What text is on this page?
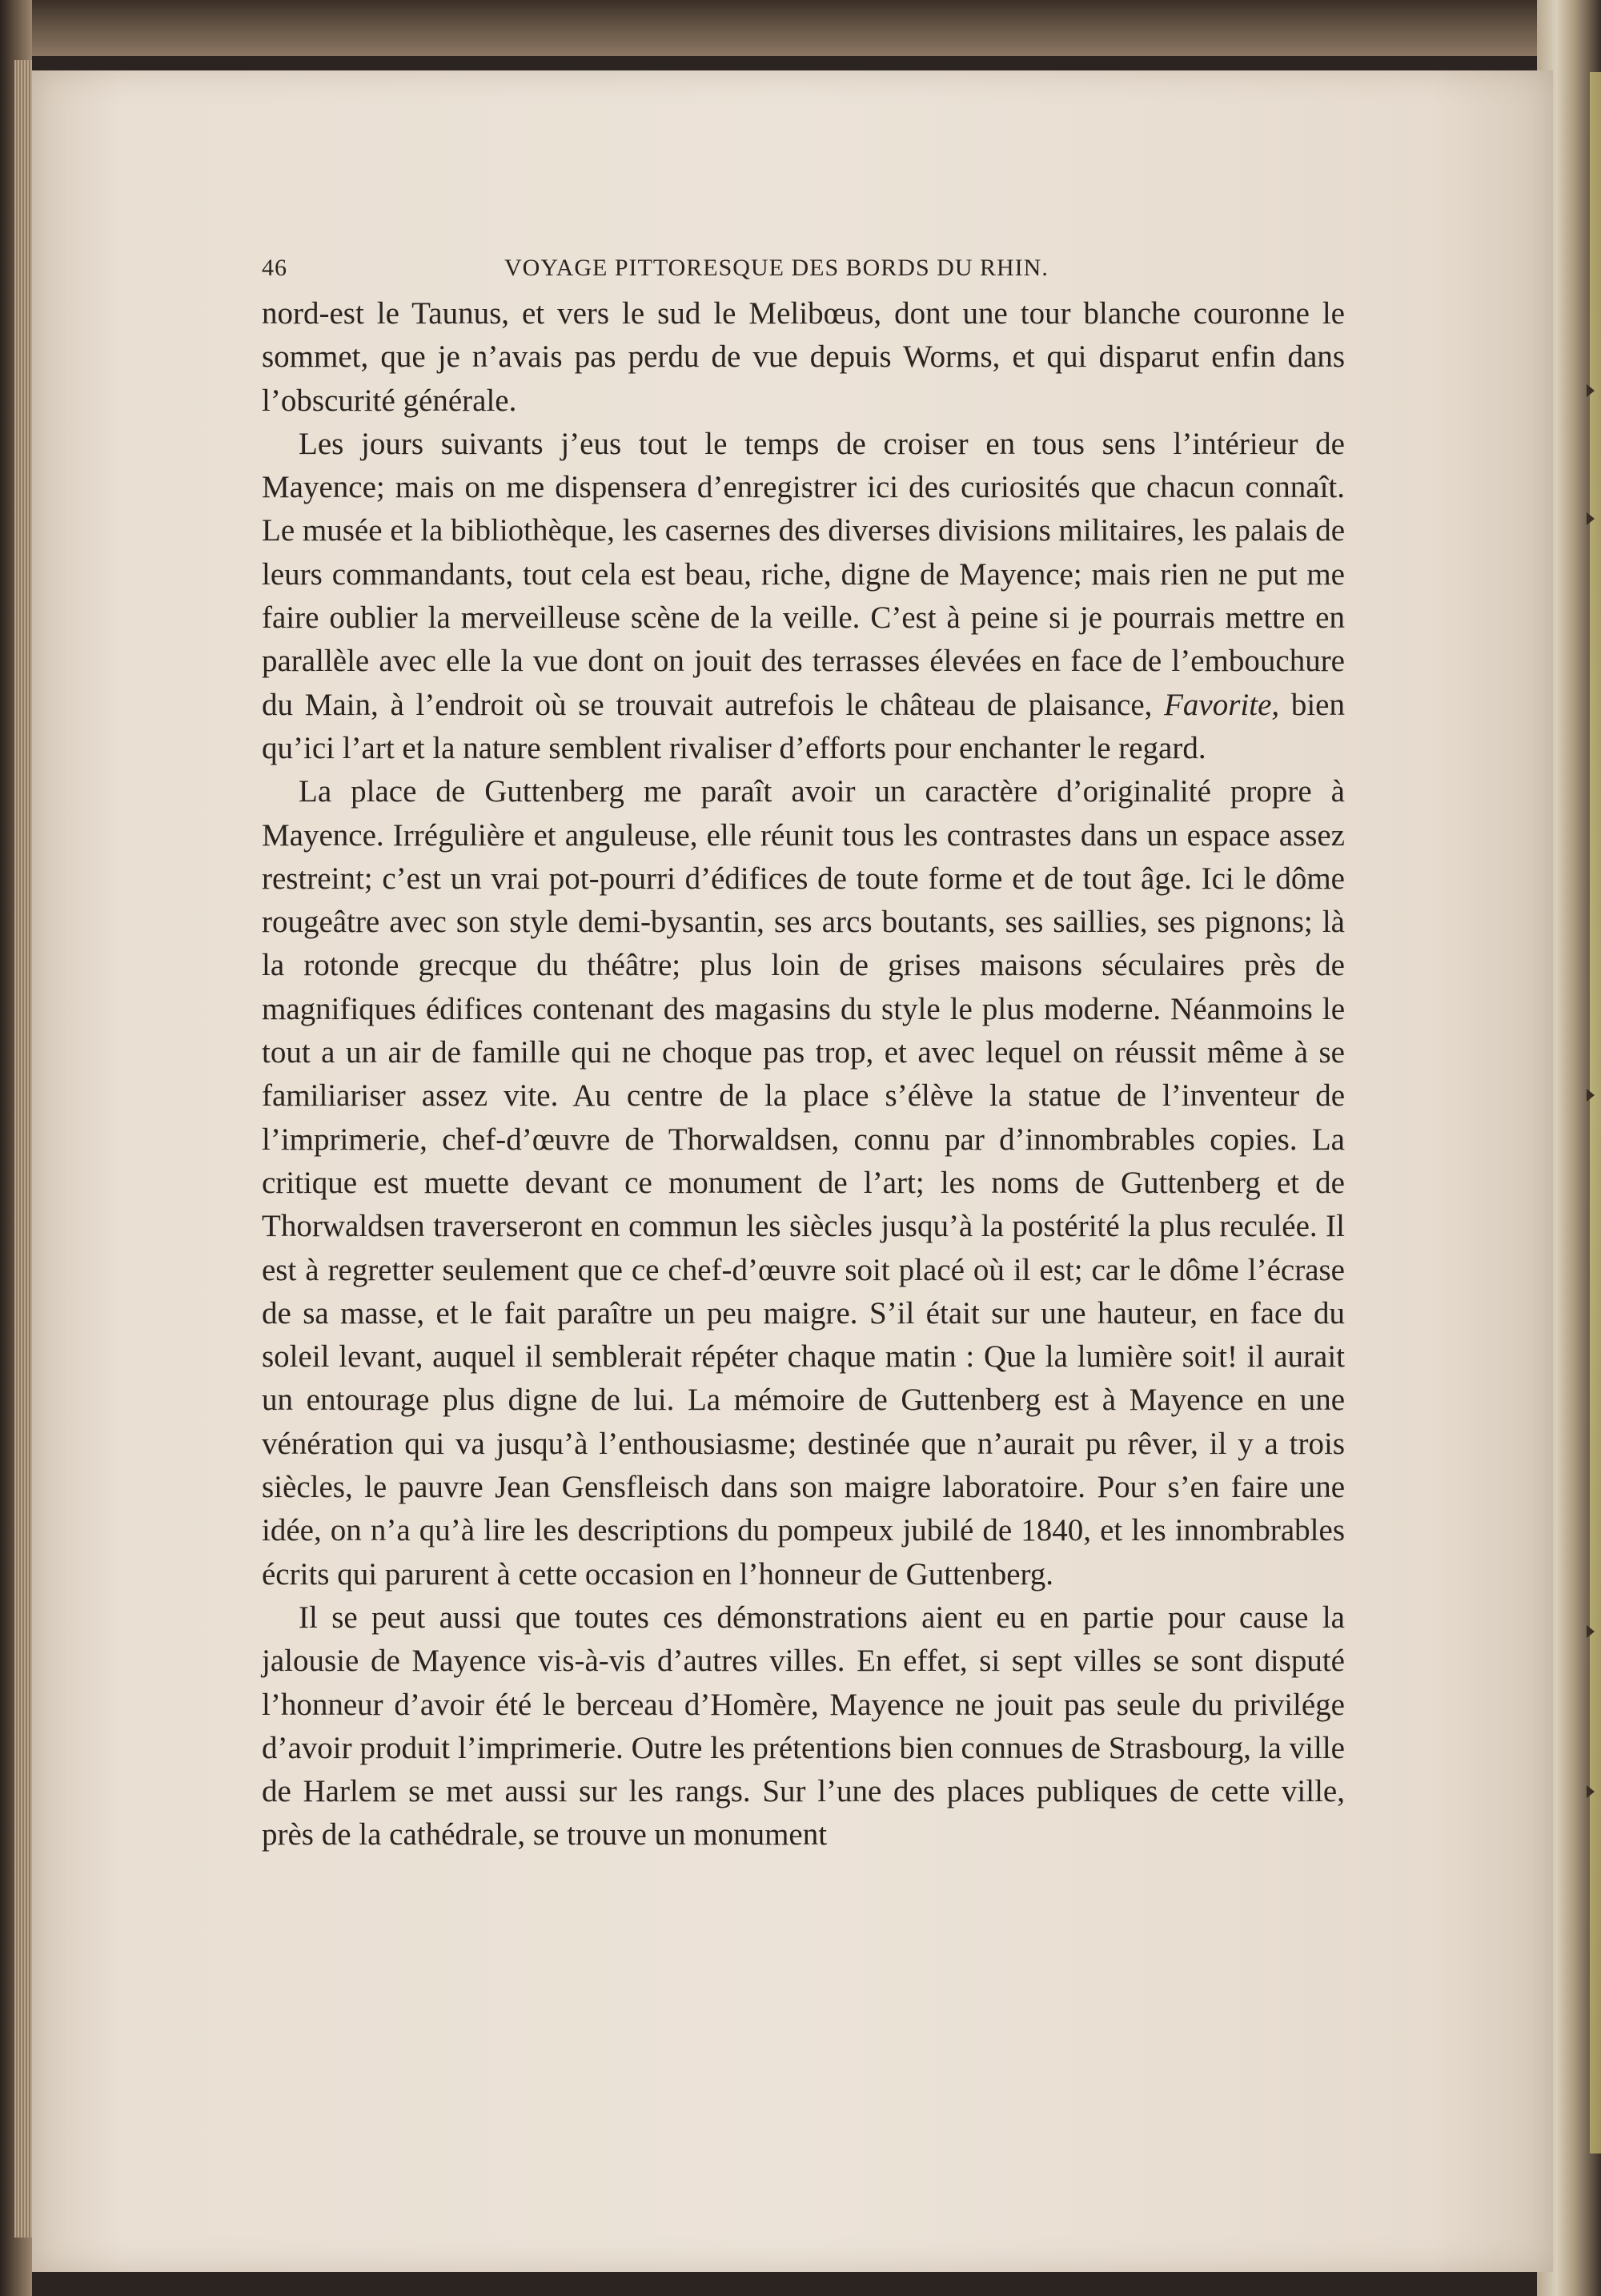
46	VOYAGE PITTORESQUE DES BORDS DU RHIN.

nord-est le Taunus, et vers le sud le Melibœus, dont une tour blanche couronne le sommet, que je n’avais pas perdu de vue depuis Worms, et qui disparut enfin dans l’obscurité générale.

Les jours suivants j’eus tout le temps de croiser en tous sens l’intérieur de Mayence; mais on me dispensera d’enregistrer ici des curiosités que chacun connaît. Le musée et la bibliothèque, les casernes des diverses divisions militaires, les palais de leurs commandants, tout cela est beau, riche, digne de Mayence; mais rien ne put me faire oublier la merveilleuse scène de la veille. C’est à peine si je pourrais mettre en parallèle avec elle la vue dont on jouit des terrasses élevées en face de l’embouchure du Main, à l’endroit où se trouvait autrefois le château de plaisance, Favorite, bien qu’ici l’art et la nature semblent rivaliser d’efforts pour enchanter le regard.

La place de Guttenberg me paraît avoir un caractère d’originalité propre à Mayence. Irrégulière et anguleuse, elle réunit tous les contrastes dans un espace assez restreint; c’est un vrai pot-pourri d’édifices de toute forme et de tout âge. Ici le dôme rougeâtre avec son style demi-bysantin, ses arcs boutants, ses saillies, ses pignons; là la rotonde grecque du théâtre; plus loin de grises maisons séculaires près de magnifiques édifices contenant des magasins du style le plus moderne. Néanmoins le tout a un air de famille qui ne choque pas trop, et avec lequel on réussit même à se familiariser assez vite. Au centre de la place s’élève la statue de l’inventeur de l’imprimerie, chef-d’œuvre de Thorwaldsen, connu par d’innombrables copies. La critique est muette devant ce monument de l’art; les noms de Guttenberg et de Thorwaldsen traverseront en commun les siècles jusqu’à la postérité la plus reculée. Il est à regretter seulement que ce chef-d’œuvre soit placé où il est; car le dôme l’écrase de sa masse, et le fait paraître un peu maigre. S’il était sur une hauteur, en face du soleil levant, auquel il semblerait répéter chaque matin : Que la lumière soit! il aurait un entourage plus digne de lui. La mémoire de Guttenberg est à Mayence en une vénération qui va jusqu’à l’enthousiasme; destinée que n’aurait pu rêver, il y a trois siècles, le pauvre Jean Gensfleisch dans son maigre laboratoire. Pour s’en faire une idée, on n’a qu’à lire les descriptions du pompeux jubilé de 1840, et les innombrables écrits qui parurent à cette occasion en l’honneur de Guttenberg.

Il se peut aussi que toutes ces démonstrations aient eu en partie pour cause la jalousie de Mayence vis-à-vis d’autres villes. En effet, si sept villes se sont disputé l’honneur d’avoir été le berceau d’Homère, Mayence ne jouit pas seule du privilége d’avoir produit l’imprimerie. Outre les prétentions bien connues de Strasbourg, la ville de Harlem se met aussi sur les rangs. Sur l’une des places publiques de cette ville, près de la cathédrale, se trouve un monument
